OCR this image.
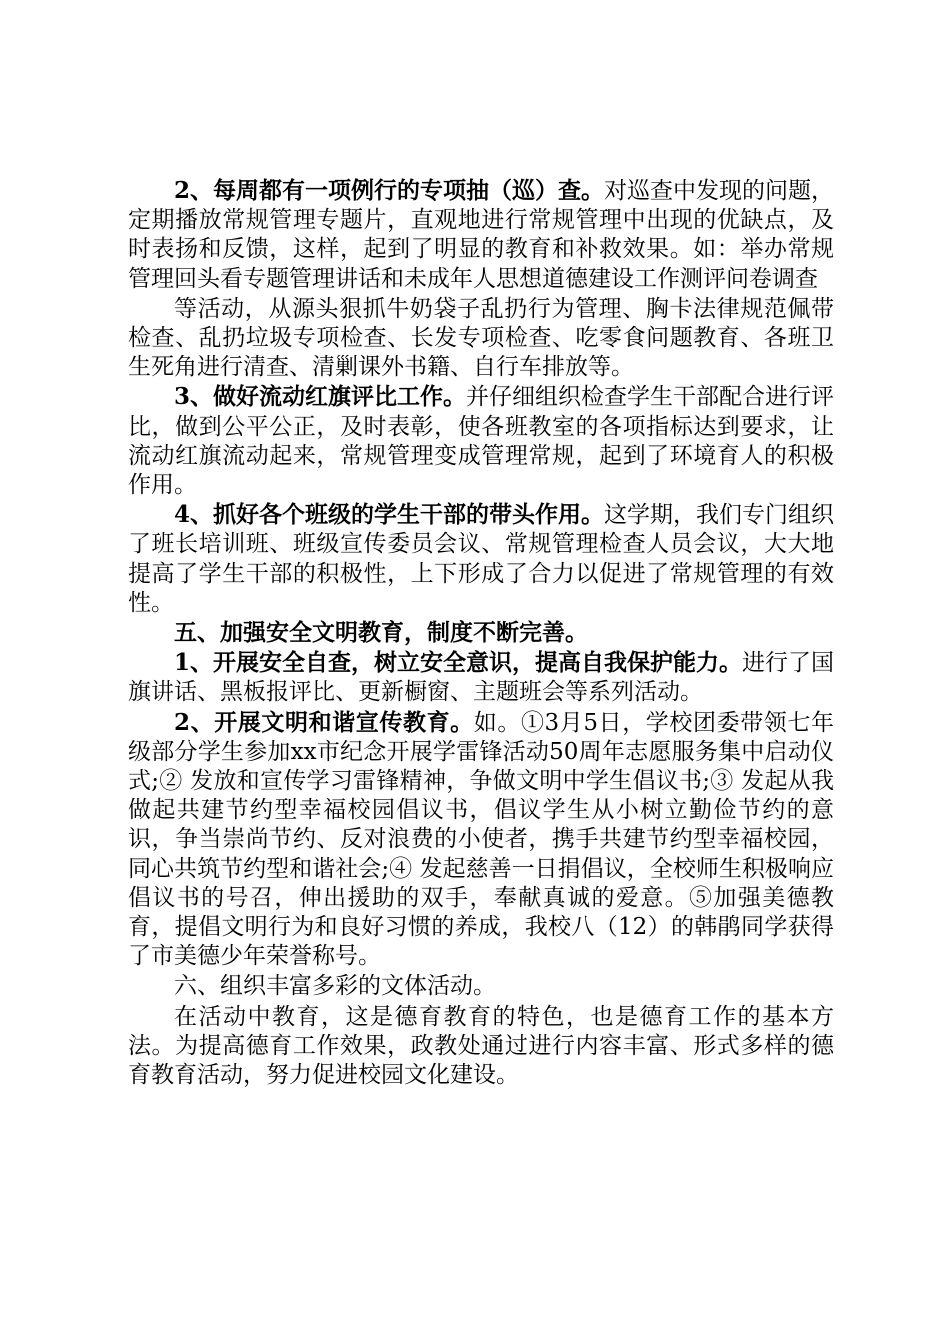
2、每周都有一项例行的专项抽（巡）查。对巡查中发现的问题，定期播放常规管理专题片，直观地进行常规管理中出现的优缺点，及时表扬和反馈，这样，起到了明显的教育和补救效果。如：举办常规管理回头看专题管理讲话和未成年人思想道德建设工作测评问卷调查

等活动，从源头狠抓牛奶袋子乱扔行为管理、胸卡法律规范佩带检查、乱扔垃圾专项检查、长发专项检查、吃零食问题教育、各班卫生死角进行清查、清剿课外书籍、自行车排放等。

3、做好流动红旗评比工作。并仔细组织检查学生干部配合进行评比，做到公平公正，及时表彰，使各班教室的各项指标达到要求，让流动红旗流动起来，常规管理变成管理常规，起到了环境育人的积极作用。

4、抓好各个班级的学生干部的带头作用。这学期，我们专门组织了班长培训班、班级宣传委员会议、常规管理检查人员会议，大大地提高了学生干部的积极性，上下形成了合力以促进了常规管理的有效性。

五、加强安全文明教育，制度不断完善。

1、开展安全自查，树立安全意识，提高自我保护能力。进行了国旗讲话、黑板报评比、更新橱窗、主题班会等系列活动。

2、开展文明和谐宣传教育。如。①3月5日，学校团委带领七年级部分学生参加xx市纪念开展学雷锋活动50周年志愿服务集中启动仪式;② 发放和宣传学习雷锋精神，争做文明中学生倡议书;③ 发起从我做起共建节约型幸福校园倡议书，倡议学生从小树立勤俭节约的意识，争当崇尚节约、反对浪费的小使者，携手共建节约型幸福校园，同心共筑节约型和谐社会;④ 发起慈善一日捐倡议，全校师生积极响应倡议书的号召，伸出援助的双手，奉献真诚的爱意。⑤加强美德教育，提倡文明行为和良好习惯的养成，我校八（12）的韩鹃同学获得了市美德少年荣誉称号。

六、组织丰富多彩的文体活动。

在活动中教育，这是德育教育的特色，也是德育工作的基本方法。为提高德育工作效果，政教处通过进行内容丰富、形式多样的德育教育活动，努力促进校园文化建设。
